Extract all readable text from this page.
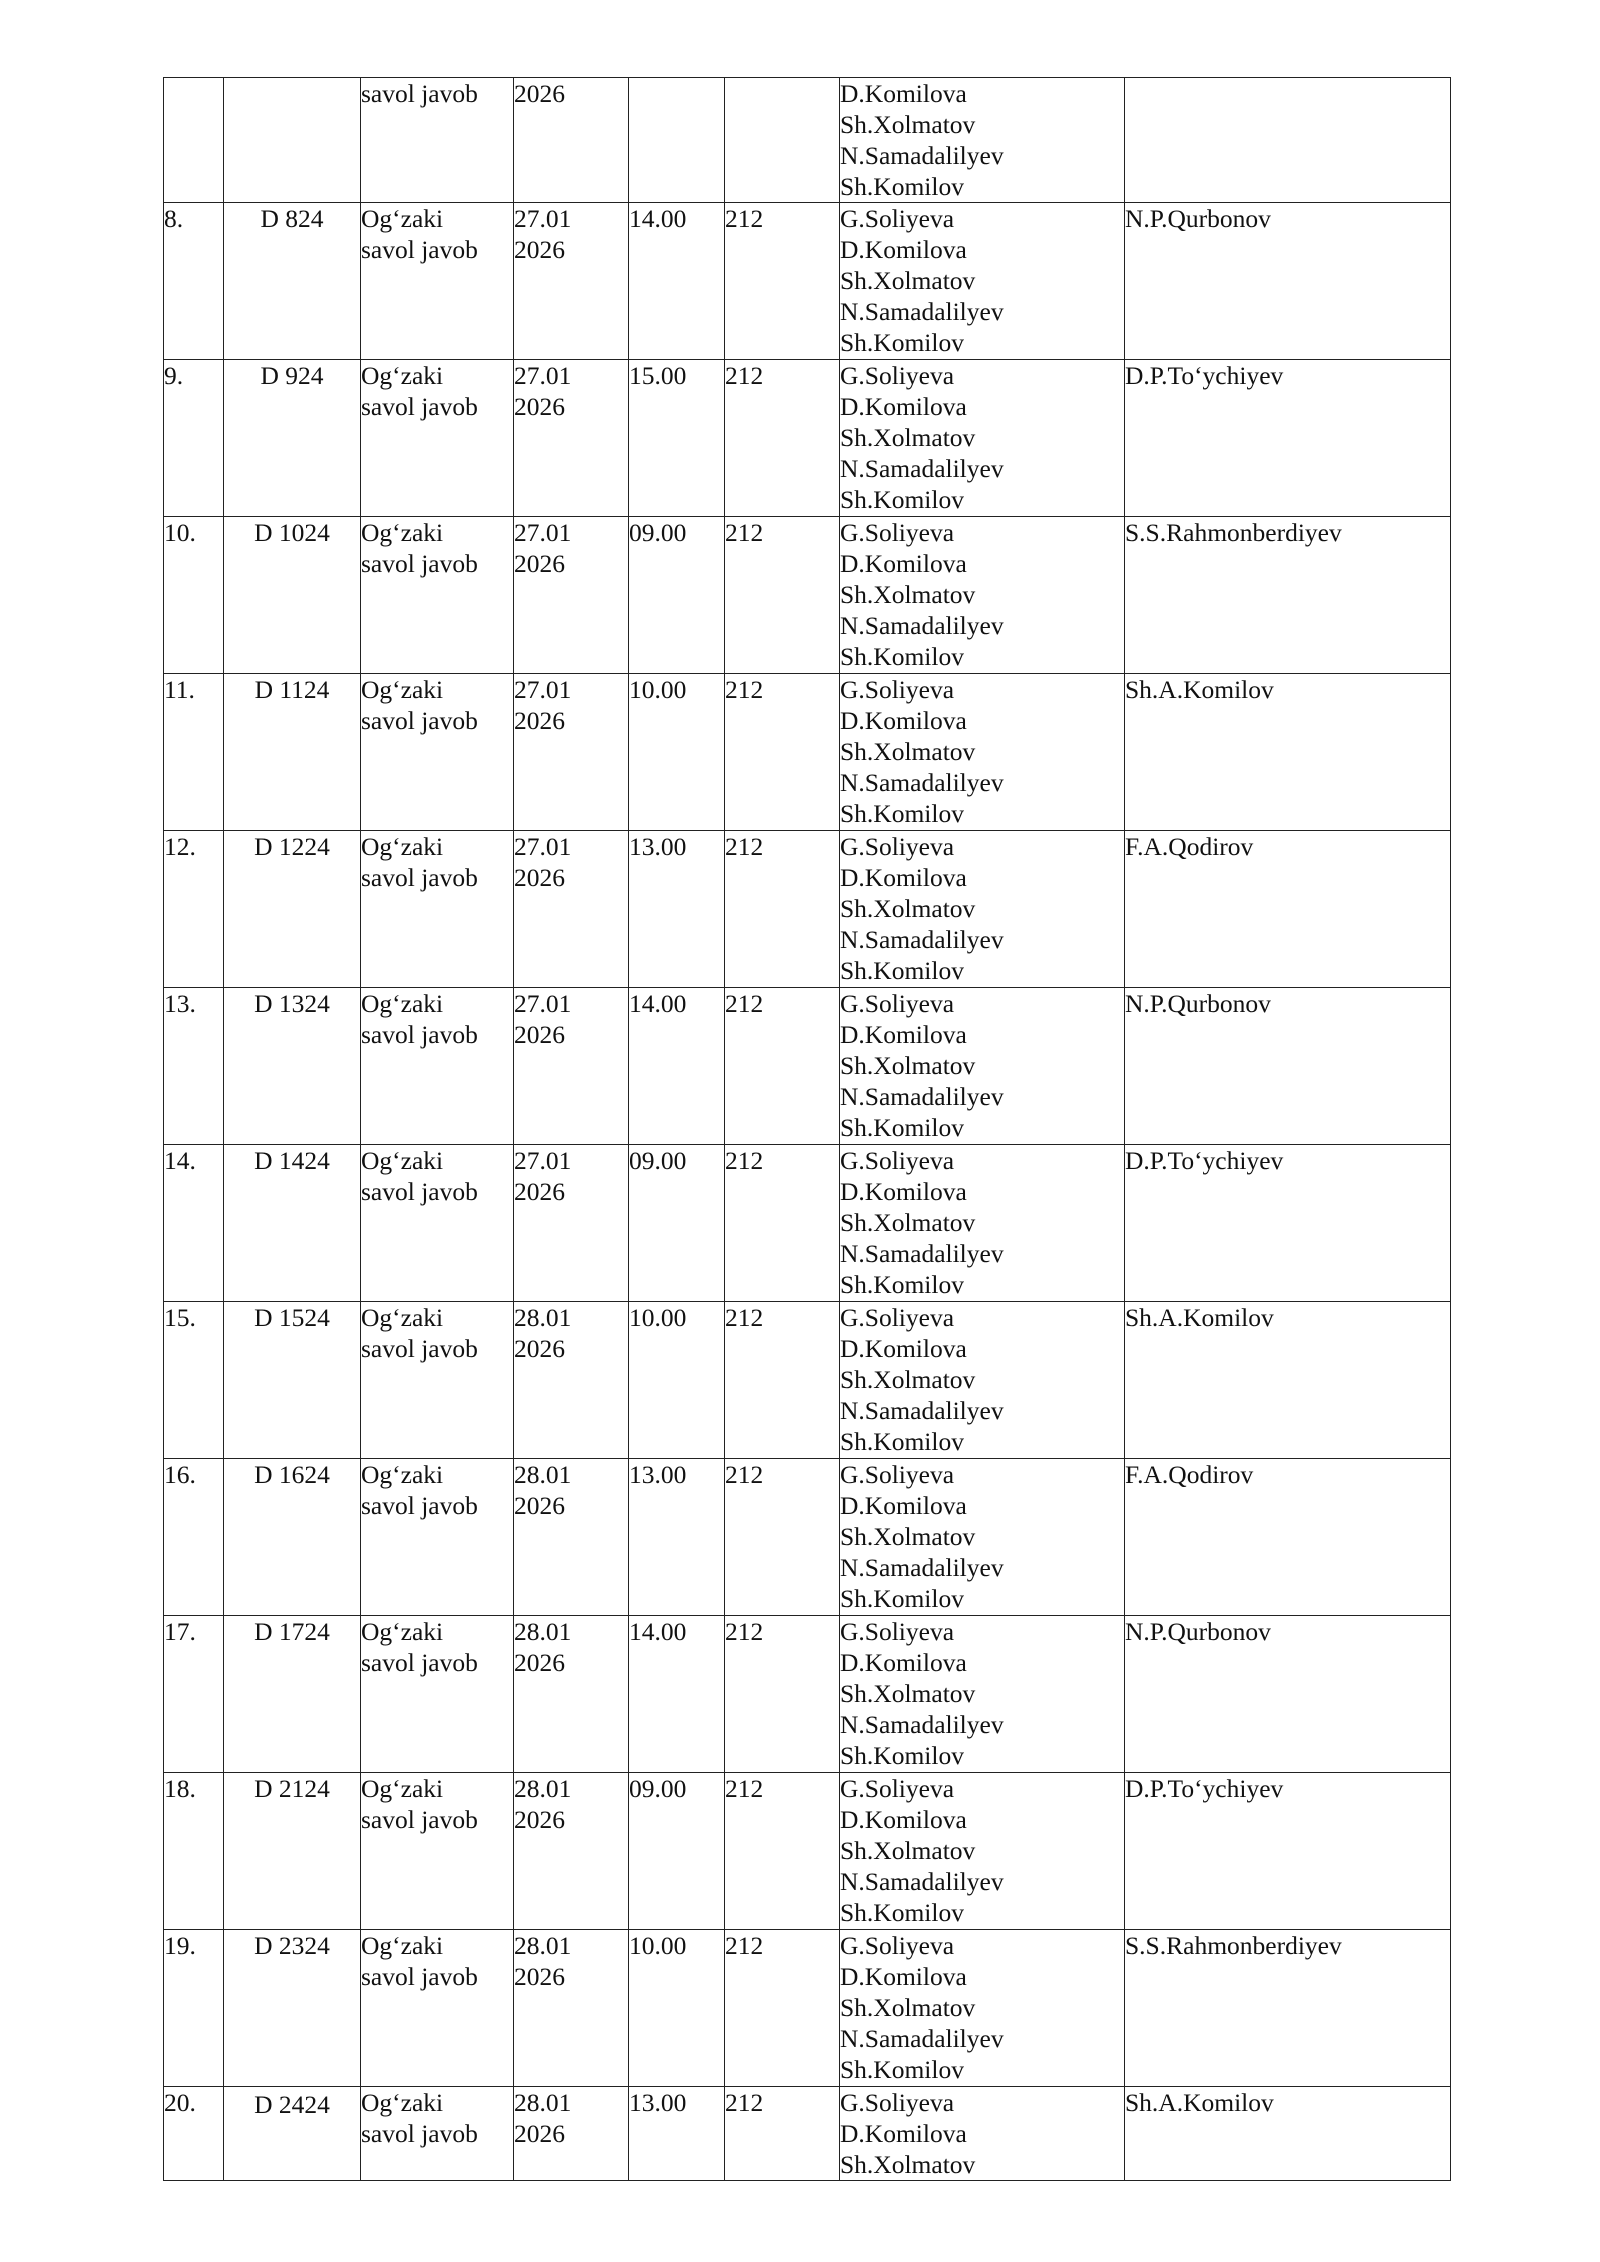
		savol javob	2026			D.Komilova
Sh.Xolmatov
N.Samadalilyev
Sh.Komilov	

8.	D 824	Og‘zaki
savol javob	27.01
2026	14.00	212	G.Soliyeva
D.Komilova
Sh.Xolmatov
N.Samadalilyev
Sh.Komilov	N.P.Qurbonov
9.	D 924	Og‘zaki
savol javob	27.01
2026	15.00	212	G.Soliyeva
D.Komilova
Sh.Xolmatov
N.Samadalilyev
Sh.Komilov	D.P.To‘ychiyev
10.	D 1024	Og‘zaki
savol javob	27.01
2026	09.00	212	G.Soliyeva
D.Komilova
Sh.Xolmatov
N.Samadalilyev
Sh.Komilov	S.S.Rahmonberdiyev
11.	D 1124	Og‘zaki
savol javob	27.01
2026	10.00	212	G.Soliyeva
D.Komilova
Sh.Xolmatov
N.Samadalilyev
Sh.Komilov	Sh.A.Komilov
12.	D 1224	Og‘zaki
savol javob	27.01
2026	13.00	212	G.Soliyeva
D.Komilova
Sh.Xolmatov
N.Samadalilyev
Sh.Komilov	F.A.Qodirov
13.	D 1324	Og‘zaki
savol javob	27.01
2026	14.00	212	G.Soliyeva
D.Komilova
Sh.Xolmatov
N.Samadalilyev
Sh.Komilov	N.P.Qurbonov
14.	D 1424	Og‘zaki
savol javob	27.01
2026	09.00	212	G.Soliyeva
D.Komilova
Sh.Xolmatov
N.Samadalilyev
Sh.Komilov	D.P.To‘ychiyev
15.	D 1524	Og‘zaki
savol javob	28.01
2026	10.00	212	G.Soliyeva
D.Komilova
Sh.Xolmatov
N.Samadalilyev
Sh.Komilov	Sh.A.Komilov
16.	D 1624	Og‘zaki
savol javob	28.01
2026	13.00	212	G.Soliyeva
D.Komilova
Sh.Xolmatov
N.Samadalilyev
Sh.Komilov	F.A.Qodirov
17.	D 1724	Og‘zaki
savol javob	28.01
2026	14.00	212	G.Soliyeva
D.Komilova
Sh.Xolmatov
N.Samadalilyev
Sh.Komilov	N.P.Qurbonov
18.	D 2124	Og‘zaki
savol javob	28.01
2026	09.00	212	G.Soliyeva
D.Komilova
Sh.Xolmatov
N.Samadalilyev
Sh.Komilov	D.P.To‘ychiyev
19.	D 2324	Og‘zaki
savol javob	28.01
2026	10.00	212	G.Soliyeva
D.Komilova
Sh.Xolmatov
N.Samadalilyev
Sh.Komilov	S.S.Rahmonberdiyev
20.	D 2424	Og‘zaki
savol javob	28.01
2026	13.00	212	G.Soliyeva
D.Komilova
Sh.Xolmatov	Sh.A.Komilov
